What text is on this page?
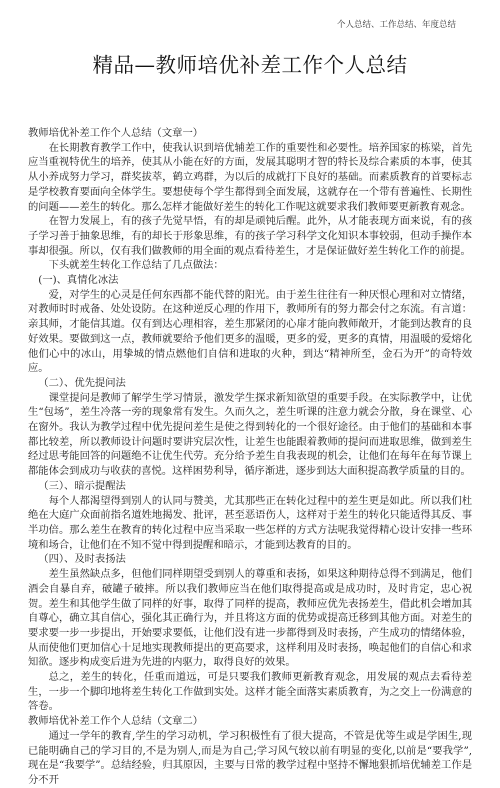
个人总结、工作总结、年度总结
精品—教师培优补差工作个人总结

教师培优补差工作个人总结（文章一）

在长期教育教学工作中，使我认识到培优辅差工作的重要性和必要性。培养国家的栋梁，首先应当重视特优生的培养，使其从小能在好的方面，发展其聪明才智的特长及综合素质的本事，使其从小养成努力学习，群奖拔萃，鹤立鸡群，为以后的成就打下良好的基础。而素质教育的首要标志是学校教育要面向全体学生。要想使每个学生都得到全面发展，这就存在一个带有普遍性、长期性的问题——差生的转化。那么怎样才能做好差生的转化工作呢这就要求我们教师要更新教育观念。

在智力发展上，有的孩子先觉早悟，有的却是顽钝后醒。此外，从才能表现方面来说，有的孩子学习善于抽象思维，有的却长于形象思维，有的孩子学习科学文化知识本事较弱，但动手操作本事却很强。所以，仅有我们做教师的用全面的观点看待差生，才是保证做好差生转化工作的前提。

下头就差生转化工作总结了几点做法：

(一)、真情化冰法

爱，对学生的心灵是任何东西都不能代替的阳光。由于差生往往有一种厌恨心理和对立情绪，对教师时时戒备、处处设防。在这种逆反心理的作用下，教师所有的努力都会付之东流。有言道：亲其师，才能信其道。仅有到达心理相容，差生那紧闭的心扉才能向教师敞开，才能到达教育的良好效果。要做到这一点，教师就要给予他们更多的温暖，更多的爱，更多的真情，用温暖的爱熔化他们心中的冰山，用挚城的情点燃他们自信和进取的火种，到达“精神所至，金石为开”的奇特效应。

（二）、优先提问法

课堂提问是教师了解学生学习情景，激发学生探求新知欲望的重要手段。在实际教学中，让优生“包场”，差生冷落一旁的现象常有发生。久而久之，差生听课的注意力就会分散，身在课堂、心在窗外。我认为教学过程中优先提问差生是使之得到转化的一个很好途径。由于他们的基础和本事都比较差，所以教师设计问题时要讲究层次性，让差生也能跟着教师的提问而进取思维，做到差生经过思考能回答的问题绝不让优生代劳。充分给予差生自我表现的机会，让他们在每年在每节课上都能体会到成功与收获的喜悦。这样困势利导，循序渐进，逐步到达大面积提高教学质量的目的。

（三）、暗示提醒法

每个人都渴望得到别人的认同与赞美，尤其那些正在转化过程中的差生更是如此。所以我们杜绝在大庭广众面前指名道姓地揭发、批评，甚至恶语伤人，这样对于差生的转化只能适得其反、事半功倍。那么差生在教育的转化过程中应当采取一些怎样的方式方法呢我觉得精心设计安排一些环境和场合，让他们在不知不觉中得到提醒和暗示，才能到达教育的目的。

（四）、及时表扬法

差生虽然缺点多，但他们同样期望受到别人的尊重和表扬，如果这种期待总得不到满足，他们酒会自暴自弃，破罐子破摔。所以我们教师应当在他们取得提高或是成功时，及时肯定，忠心祝贺。差生和其他学生做了同样的好事，取得了同样的提高，教师应优先表扬差生，借此机会增加其自尊心，确立其自信心，强化其正确行为，并且将这方面的优势或提高迁移到其他方面。对差生的要求要一步一步提出，开始要求要低，让他们没有进一步都得到及时表扬，产生成功的情绪体验，从而使他们更加信心十足地实现教师提出的更高要求，这样利用及时表扬，唤起他们的自信心和求知欲。逐步构成变后进为先进的内驱力，取得良好的效果。

总之，差生的转化，任重而道远，可是只要我们教师更新教育观念，用发展的观点去看待差生，一步一个脚印地将差生转化工作做到实处。这样才能全面落实素质教育，为之交上一份满意的答卷。

教师培优补差工作个人总结（文章二）

通过一学年的教育,学生的学习动机，学习积极性有了很大提高，不管是优等生或是学困生,现已能明确自己的学习目的,不是为别人,而是为自己;学习风气较以前有明显的变化,以前是“要我学”,现在是“我要学”。总结经验，归其原因，主要与日常的教学过程中坚持不懈地狠抓培优辅差工作是分不开
